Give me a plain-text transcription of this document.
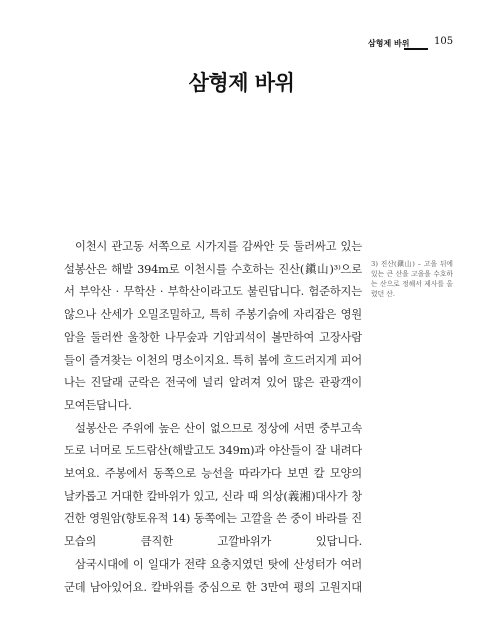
삼형제 바위 105
삼형제 바위

이천시 관고동 서쪽으로 시가지를 감싸안 듯 둘러싸고 있는 설봉산은 해발 394m로 이천시를 수호하는 진산(鎭山)³⁾으로서 부악산 · 무학산 · 부학산이라고도 불린답니다. 험준하지는 않으나 산세가 오밀조밀하고, 특히 주봉기슭에 자리잡은 영원암을 둘러싼 울창한 나무숲과 기암괴석이 볼만하여 고장사람들이 즐겨찾는 이천의 명소이지요. 특히 봄에 흐드러지게 피어나는 진달래 군락은 전국에 널리 알려져 있어 많은 관광객이 모여든답니다.

설봉산은 주위에 높은 산이 없으므로 정상에 서면 중부고속도로 너머로 도드람산(해발고도 349m)과 야산들이 잘 내려다 보여요. 주봉에서 동쪽으로 능선을 따라가다 보면 칼 모양의 날카롭고 거대한 칼바위가 있고, 신라 때 의상(義湘)대사가 창건한 영원암(향토유적 14) 동쪽에는 고깔을 쓴 중이 바라를 진 모습의 큼직한 고깔바위가 있답니다.

삼국시대에 이 일대가 전략 요충지였던 탓에 산성터가 여러 군데 남아있어요. 칼바위를 중심으로 한 3만여 평의 고원지대

3) 진산(鎭山) – 고을 뒤에 있는 큰 산을 고을을 수호하는 산으로 정해서 제사를 올렸던 산.
